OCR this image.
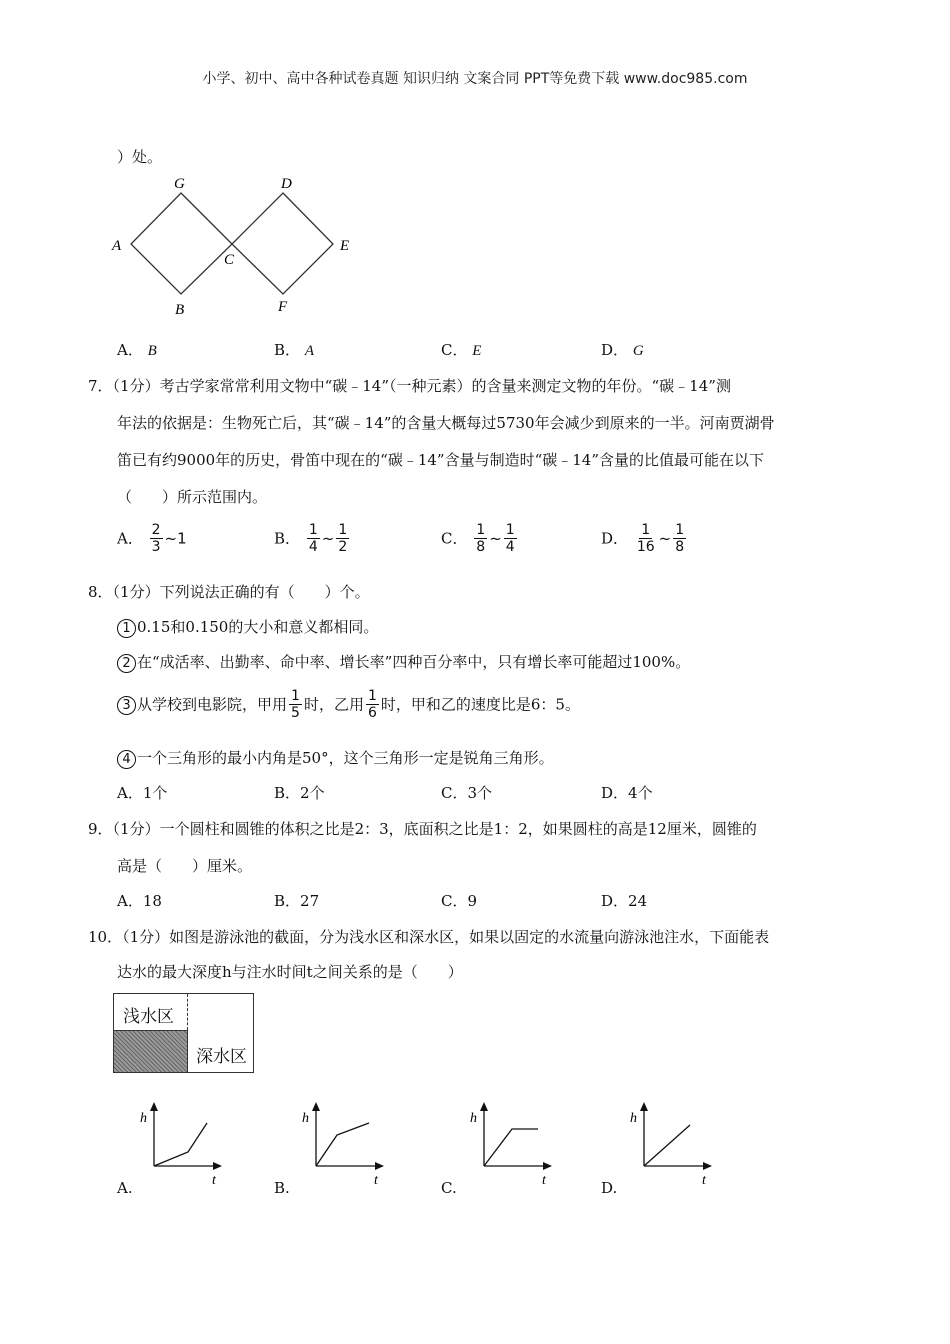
小学、初中、高中各种试卷真题 知识归纳 文案合同 PPT等免费下载 www.doc985.com
）处。
G	D
A
C
E
B	F
A． B	B． A	C． E	D． G
7．（1分）考古学家常常利用文物中“碳﹣14”（一种元素）的含量来测定文物的年份。“碳﹣14”测
年法的依据是：生物死亡后，其“碳﹣14”的含量大概每过5730年会减少到原来的一半。河南贾湖骨
笛已有约9000年的历史，骨笛中现在的“碳﹣14”含量与制造时“碳﹣14”含量的比值最可能在以下
（　　）所示范围内。
A． $\frac{2}{3}$ ~1	B． $\frac{1}{4}$ ~ $\frac{1}{2}$	C． $\frac{1}{8}$ ~ $\frac{1}{4}$	D． $\frac{1}{16}$ ~ $\frac{1}{8}$
8．（1分）下列说法正确的有（　　）个。
1 0.15和0.150的大小和意义都相同。
2 在“成活率、出勤率、命中率、增长率”四种百分率中，只有增长率可能超过100%。
3 从学校到电影院，甲用 $\frac{1}{5}$ 时，乙用 $\frac{1}{6}$ 时，甲和乙的速度比是6：5。
4 一个三角形的最小内角是50°，这个三角形一定是锐角三角形。
A．1个	B．2个	C．3个	D．4个
9．（1分）一个圆柱和圆锥的体积之比是2：3，底面积之比是1：2，如果圆柱的高是12厘米，圆锥的
高是（　　）厘米。
A．18	B．27	C．9	D．24
10．（1分）如图是游泳池的截面，分为浅水区和深水区，如果以固定的水流量向游泳池注水，下面能表
达水的最大深度h与注水时间t之间关系的是（　　）
浅水区
深水区
h
t
A.
h
t
B.
h
t
C.
h
t
D.
